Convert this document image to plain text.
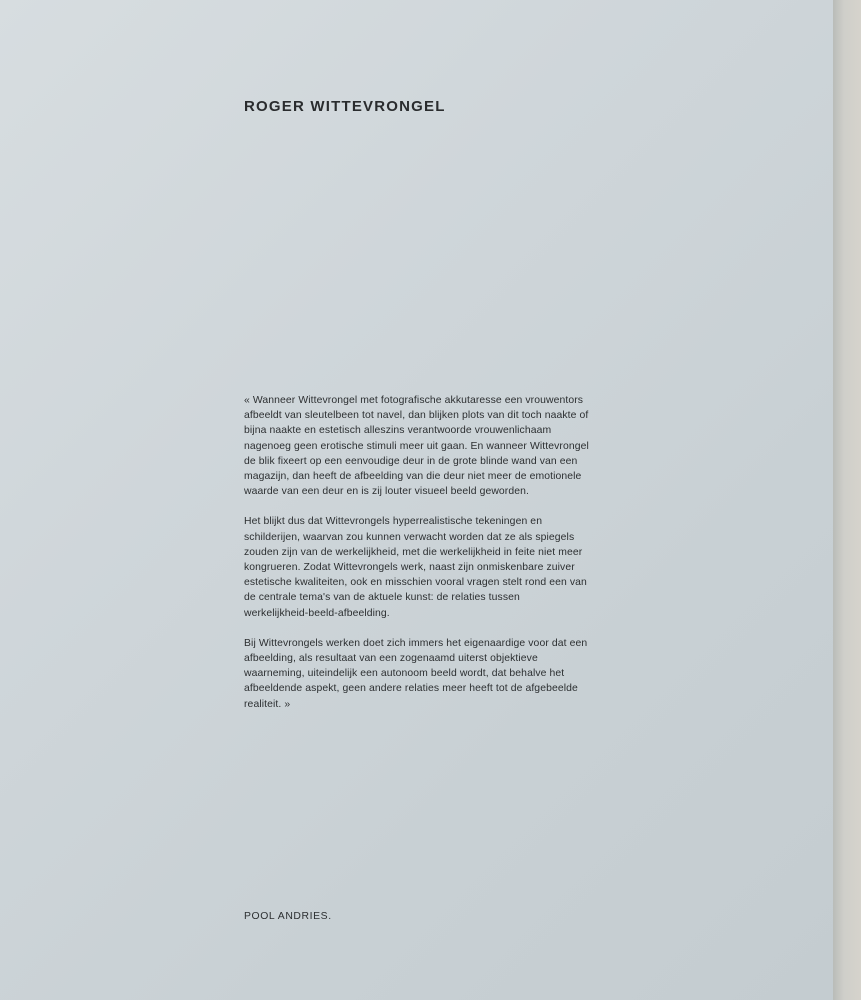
ROGER WITTEVRONGEL

« Wanneer Wittevrongel met fotografische akkutaresse een vrouwentors
afbeeldt van sleutelbeen tot navel, dan blijken plots van dit toch naakte of
bijna naakte en estetisch alleszins verantwoorde vrouwenlichaam
nagenoeg geen erotische stimuli meer uit gaan. En wanneer Wittevrongel
de blik fixeert op een eenvoudige deur in de grote blinde wand van een
magazijn, dan heeft de afbeelding van die deur niet meer de emotionele
waarde van een deur en is zij louter visueel beeld geworden.

Het blijkt dus dat Wittevrongels hyperrealistische tekeningen en
schilderijen, waarvan zou kunnen verwacht worden dat ze als spiegels
zouden zijn van de werkelijkheid, met die werkelijkheid in feite niet meer
kongrueren. Zodat Wittevrongels werk, naast zijn onmiskenbare zuiver
estetische kwaliteiten, ook en misschien vooral vragen stelt rond een van
de centrale tema's van de aktuele kunst: de relaties tussen
werkelijkheid-beeld-afbeelding.

Bij Wittevrongels werken doet zich immers het eigenaardige voor dat een
afbeelding, als resultaat van een zogenaamd uiterst objektieve
waarneming, uiteindelijk een autonoom beeld wordt, dat behalve het
afbeeldende aspekt, geen andere relaties meer heeft tot de afgebeelde
realiteit. »

POOL ANDRIES.
